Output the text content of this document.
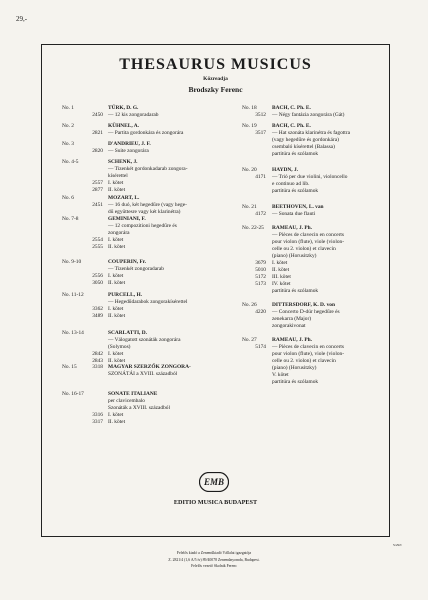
29,-
THESAURUS MUSICUS
Közreadja
Brodszky Ferenc
No. 1	TÜRK, D. G.
2450 — 12 kis zongoradarab
No. 2	KÜHNEL, A.
2821 — Partita gordonkára és zongorára
No. 3	D'ANDRIEU, J. F.
2820 — Suite zongorára
No. 4-5	SCHENK, J.
— Tizenkét gordonkadarab zongora-
kísérettel
2557 I. kötet
2877 II. kötet
No. 6	MOZART, L.
2451 — 16 duó, két hegedűre (vagy hege-
dű együttesre vagy két klarinétra)
No. 7-8	GEMINIANI, F.
— 12 compozitioni hegedűre és
zongorára
2554 I. kötet
2555 II. kötet
No. 9-10	COUPERIN, Fr.
— Tizenkét zongoradarab
2556 I. kötet
3050 II. kötet
No. 11-12	PURCELL, H.
— Hegedűdarabok zongorakísérettel
3362 I. kötet
3489 II. kötet
No. 13-14	SCARLATTI, D.
— Válogatott szonáták zongorára
(Solymos)
2842 I. kötet
2843 II. kötet
No. 15	3318 MAGYAR SZERZŐK ZONGORA-
SZONÁTÁI a XVIII. századból
No. 16-17	SONATE ITALIANE
per clavicembalo
Szonáták a XVIII. századból
3316 I. kötet
3317 II. kötet
No. 18	BACH, C. Ph. E.
3512 — Négy fantázia zongorára (Gát)
No. 19	BACH, C. Ph. E.
3517 — Hat szonáta klarinétra és fagottra
(vagy hegedűre és gordonkára)
csembaló kísérettel (Balassa)
partitúra és szólamok
No. 20	HAYDN, J.
4171 — Trió per due violini, violoncello
e continuo ad lib.
partitúra és szólamok
No. 21	BEETHOVEN, L. van
4172 — Sonata due flauti
No. 22-25 RAMEAU, J. Ph.
— Pièces de clavecin en concerts
pour violon (flute), viole (violon-
celle ou 2. violon) et clavecin
(piano) (Horusitzky)
3679 I. kötet
5010 II. kötet
5172 III. kötet
5173 IV. kötet
partitúra és szólamok
No. 26	DITTERSDORF, K. D. von
4220 — Concerto D-dúr hegedűre és
zenekarra (Major)
zongorakivonat
No. 27	RAMEAU, J. Ph.
5174 — Pièces de clavecin en concerts
pour violon (flute), viole (violon-
celle ou 2. violon) et clavecin
(piano) (Horusitzky)
V. kötet
partitúra és szólamok
EMB
EDITIO MUSICA BUDAPEST
S/29/I
Felelős kiadó a Zeneműkiadó Vállalat igazgatója
Z. 2821/4 (1,6 A/5 ív) 89/40078 Zeneműnyomda, Budapest.
Felelős vezető Skolnik Ferenc
